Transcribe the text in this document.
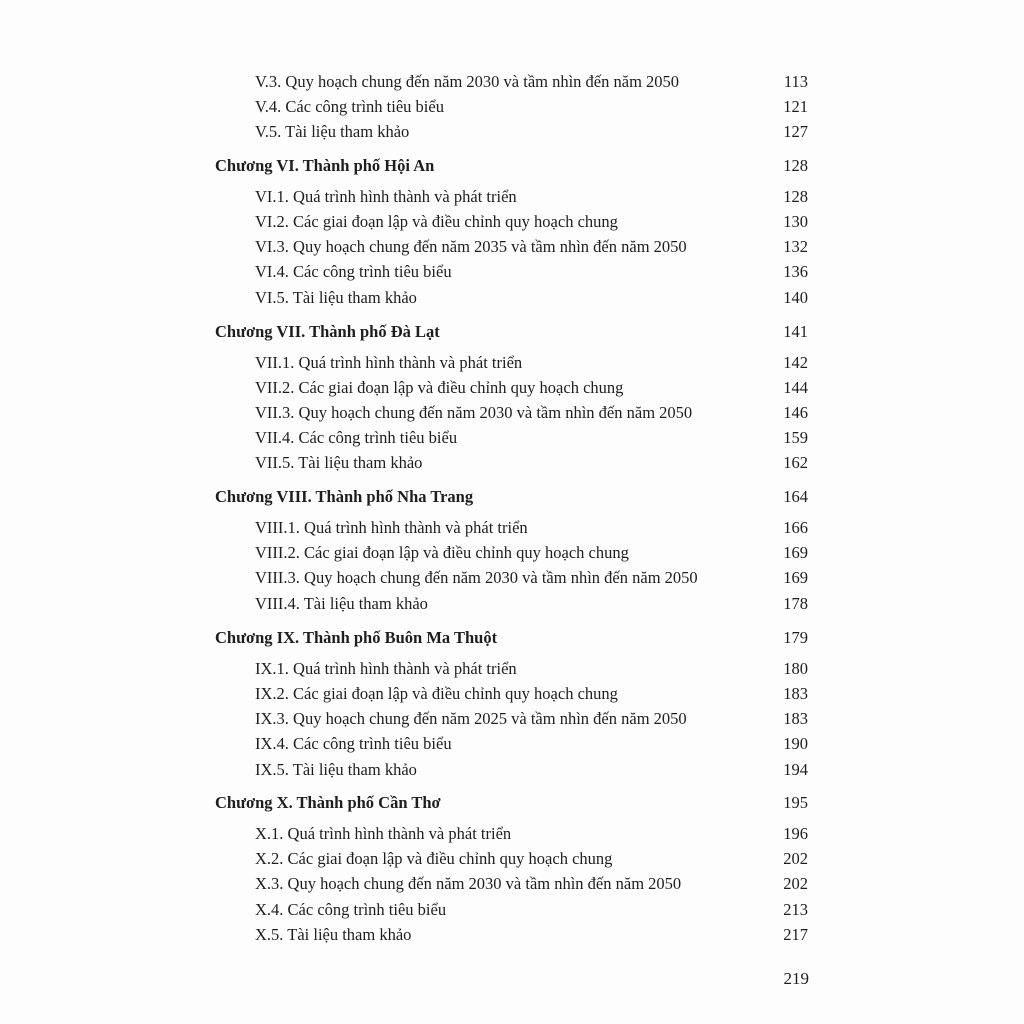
V.3. Quy hoạch chung đến năm 2030 và tầm nhìn đến năm 2050	113
V.4. Các công trình tiêu biểu	121
V.5. Tài liệu tham khảo	127
Chương VI. Thành phố Hội An	128
VI.1. Quá trình hình thành và phát triển	128
VI.2. Các giai đoạn lập và điều chỉnh quy hoạch chung	130
VI.3. Quy hoạch chung đến năm 2035 và tầm nhìn đến năm 2050	132
VI.4. Các công trình tiêu biểu	136
VI.5. Tài liệu tham khảo	140
Chương VII. Thành phố Đà Lạt	141
VII.1. Quá trình hình thành và phát triển	142
VII.2. Các giai đoạn lập và điều chỉnh quy hoạch chung	144
VII.3. Quy hoạch chung đến năm 2030 và tầm nhìn đến năm 2050	146
VII.4. Các công trình tiêu biểu	159
VII.5. Tài liệu tham khảo	162
Chương VIII. Thành phố Nha Trang	164
VIII.1. Quá trình hình thành và phát triển	166
VIII.2. Các giai đoạn lập và điều chỉnh quy hoạch chung	169
VIII.3. Quy hoạch chung đến năm 2030 và tầm nhìn đến năm 2050	169
VIII.4. Tài liệu tham khảo	178
Chương IX. Thành phố Buôn Ma Thuột	179
IX.1. Quá trình hình thành và phát triển	180
IX.2. Các giai đoạn lập và điều chỉnh quy hoạch chung	183
IX.3. Quy hoạch chung đến năm 2025 và tầm nhìn đến năm 2050	183
IX.4. Các công trình tiêu biểu	190
IX.5. Tài liệu tham khảo	194
Chương X. Thành phố Cần Thơ	195
X.1. Quá trình hình thành và phát triển	196
X.2. Các giai đoạn lập và điều chỉnh quy hoạch chung	202
X.3. Quy hoạch chung đến năm 2030 và tầm nhìn đến năm 2050	202
X.4. Các công trình tiêu biểu	213
X.5. Tài liệu tham khảo	217
219
